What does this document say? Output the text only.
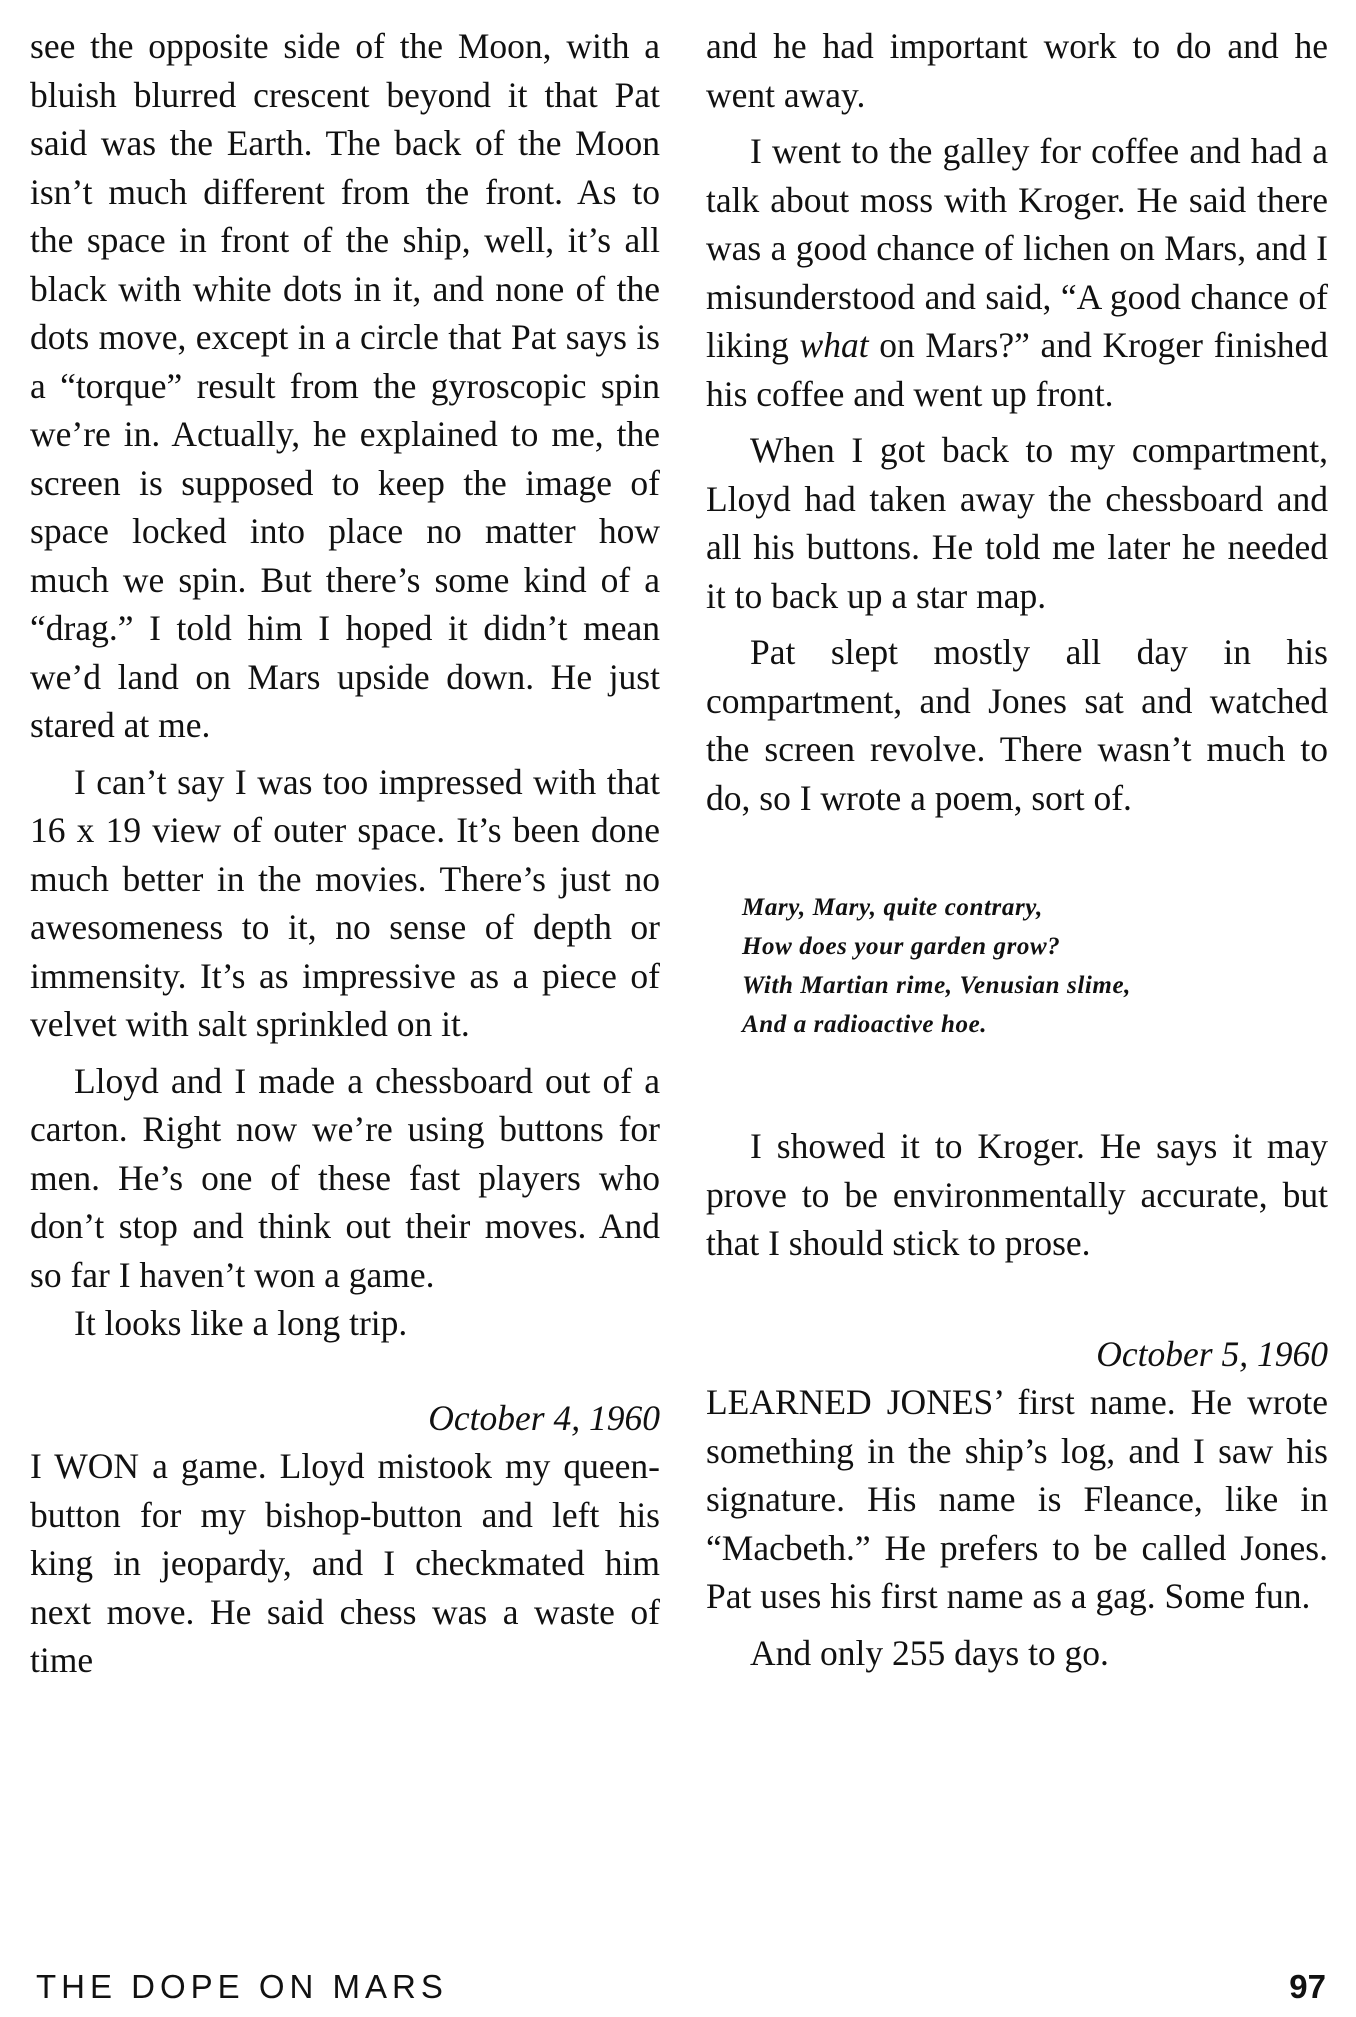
see the opposite side of the Moon, with a bluish blurred crescent beyond it that Pat said was the Earth. The back of the Moon isn’t much different from the front. As to the space in front of the ship, well, it’s all black with white dots in it, and none of the dots move, except in a circle that Pat says is a “torque” result from the gyroscopic spin we’re in. Actually, he explained to me, the screen is supposed to keep the image of space locked into place no matter how much we spin. But there’s some kind of a “drag.” I told him I hoped it didn’t mean we’d land on Mars upside down. He just stared at me.

I can’t say I was too impressed with that 16 x 19 view of outer space. It’s been done much better in the movies. There’s just no awesomeness to it, no sense of depth or immensity. It’s as impressive as a piece of velvet with salt sprinkled on it.

Lloyd and I made a chessboard out of a carton. Right now we’re using buttons for men. He’s one of these fast players who don’t stop and think out their moves. And so far I haven’t won a game.

It looks like a long trip.

October 4, 1960

I WON a game. Lloyd mistook my queen-button for my bishop-button and left his king in jeopardy, and I checkmated him next move. He said chess was a waste of time

and he had important work to do and he went away.

I went to the galley for coffee and had a talk about moss with Kroger. He said there was a good chance of lichen on Mars, and I misunderstood and said, “A good chance of liking what on Mars?” and Kroger finished his coffee and went up front.

When I got back to my compartment, Lloyd had taken away the chessboard and all his buttons. He told me later he needed it to back up a star map.

Pat slept mostly all day in his compartment, and Jones sat and watched the screen revolve. There wasn’t much to do, so I wrote a poem, sort of.

Mary, Mary, quite contrary,
How does your garden grow?
With Martian rime, Venusian slime,
And a radioactive hoe.

I showed it to Kroger. He says it may prove to be environmentally accurate, but that I should stick to prose.

October 5, 1960

LEARNED JONES’ first name. He wrote something in the ship’s log, and I saw his signature. His name is Fleance, like in “Macbeth.” He prefers to be called Jones. Pat uses his first name as a gag. Some fun.

And only 255 days to go.

THE DOPE ON MARS	97
